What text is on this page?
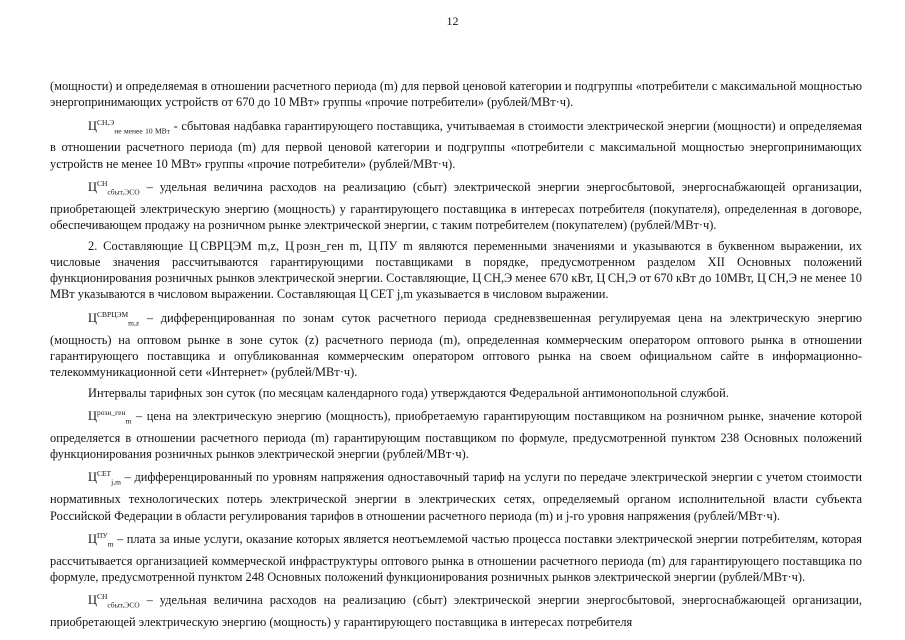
12

(мощности) и определяемая в отношении расчетного периода (m) для первой ценовой категории и подгруппы «потребители с максимальной мощностью энергопринимающих устройств от 670 до 10 МВт» группы «прочие потребители» (рублей/МВт·ч).

$Ц^{СН,Э}_{не менее 10 МВт}$ - сбытовая надбавка гарантирующего поставщика, учитываемая в стоимости электрической энергии (мощности) и определяемая в отношении расчетного периода (m) для первой ценовой категории и подгруппы «потребители с максимальной мощностью энергопринимающих устройств не менее 10 МВт» группы «прочие потребители» (рублей/МВт·ч).

$Ц^{СН}_{сбыт,ЭСО}$ – удельная величина расходов на реализацию (сбыт) электрической энергии энергосбытовой, энергоснабжающей организации, приобретающей электрическую энергию (мощность) у гарантирующего поставщика в интересах потребителя (покупателя), определенная в договоре, обеспечивающем продажу на розничном рынке электрической энергии, с таким потребителем (покупателем) (рублей/МВт·ч).

2. Составляющие Ц СВРЦЭМ m,z, Ц розн_ген m, Ц ПУ m являются переменными значениями и указываются в буквенном выражении, их числовые значения рассчитываются гарантирующими поставщиками в порядке, предусмотренном разделом XII Основных положений функционирования розничных рынков электрической энергии. Составляющие, Ц СН,Э менее 670 кВт, Ц СН,Э от 670 кВт до 10МВт, Ц СН,Э не менее 10 МВт указываются в числовом выражении. Составляющая Ц СЕТ j,m указывается в числовом выражении.

$Ц^{СВРЦЭМ}_{m,z}$ – дифференцированная по зонам суток расчетного периода средневзвешенная регулируемая цена на электрическую энергию (мощность) на оптовом рынке в зоне суток (z) расчетного периода (m), определенная коммерческим оператором оптового рынка в отношении гарантирующего поставщика и опубликованная коммерческим оператором оптового рынка на своем официальном сайте в информационно-телекоммуникационной сети «Интернет» (рублей/МВт·ч).

Интервалы тарифных зон суток (по месяцам календарного года) утверждаются Федеральной антимонопольной службой.

$Ц^{розн\_ген}_m$ – цена на электрическую энергию (мощность), приобретаемую гарантирующим поставщиком на розничном рынке, значение которой определяется в отношении расчетного периода (m) гарантирующим поставщиком по формуле, предусмотренной пунктом 238 Основных положений функционирования розничных рынков электрической энергии (рублей/МВт·ч).

$Ц^{СЕТ}_{j,m}$ – дифференцированный по уровням напряжения одноставочный тариф на услуги по передаче электрической энергии с учетом стоимости нормативных технологических потерь электрической энергии в электрических сетях, определяемый органом исполнительной власти субъекта Российской Федерации в области регулирования тарифов в отношении расчетного периода (m) и j-го уровня напряжения (рублей/МВт·ч).

$Ц^{ПУ}_m$ – плата за иные услуги, оказание которых является неотъемлемой частью процесса поставки электрической энергии потребителям, которая рассчитывается организацией коммерческой инфраструктуры оптового рынка в отношении расчетного периода (m) для гарантирующего поставщика по формуле, предусмотренной пунктом 248 Основных положений функционирования розничных рынков электрической энергии (рублей/МВт·ч).

$Ц^{СН}_{сбыт,ЭСО}$ – удельная величина расходов на реализацию (сбыт) электрической энергии энергосбытовой, энергоснабжающей организации, приобретающей электрическую энергию (мощность) у гарантирующего поставщика в интересах потребителя
